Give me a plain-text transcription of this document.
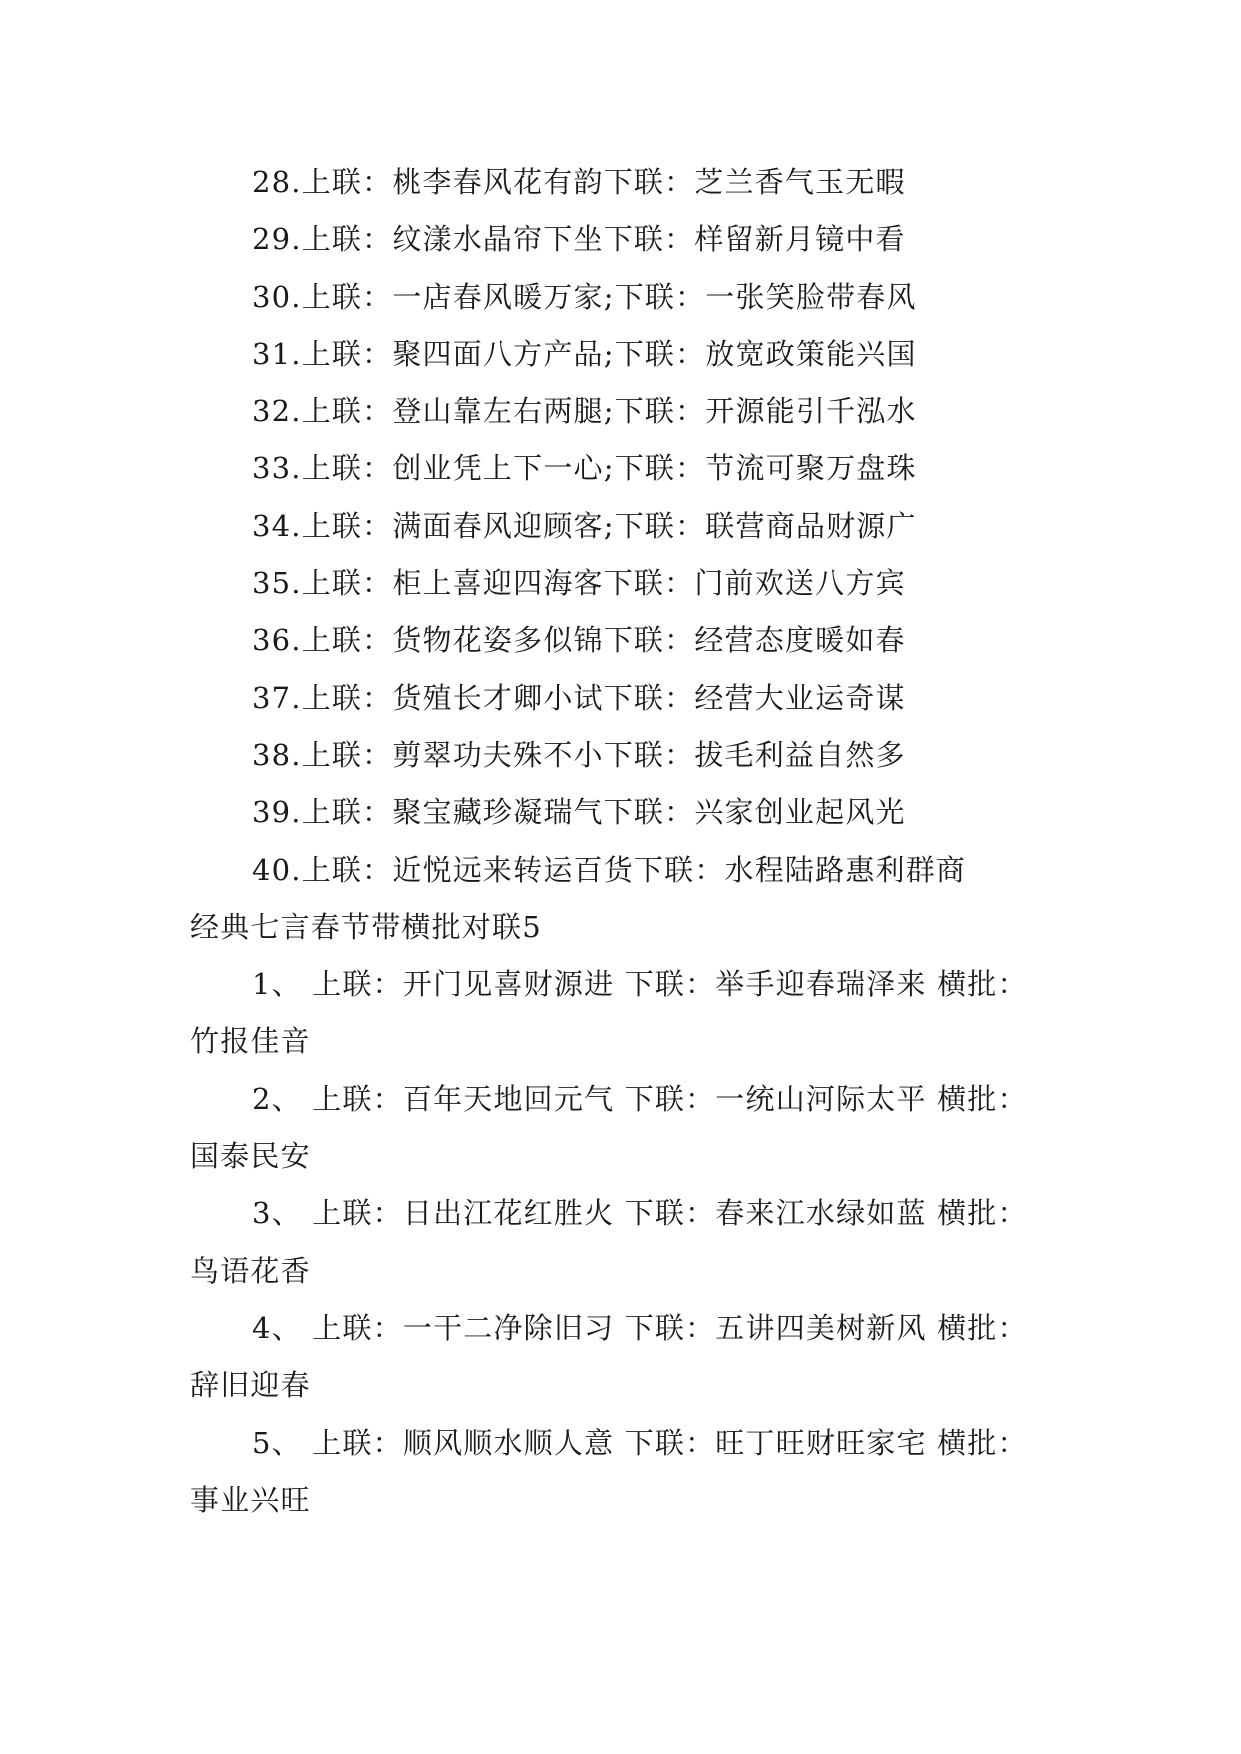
28.上联：桃李春风花有韵下联：芝兰香气玉无暇
29.上联：纹漾水晶帘下坐下联：样留新月镜中看
30.上联：一店春风暖万家;下联：一张笑脸带春风
31.上联：聚四面八方产品;下联：放宽政策能兴国
32.上联：登山靠左右两腿;下联：开源能引千泓水
33.上联：创业凭上下一心;下联：节流可聚万盘珠
34.上联：满面春风迎顾客;下联：联营商品财源广
35.上联：柜上喜迎四海客下联：门前欢送八方宾
36.上联：货物花姿多似锦下联：经营态度暖如春
37.上联：货殖长才卿小试下联：经营大业运奇谋
38.上联：剪翠功夫殊不小下联：拔毛利益自然多
39.上联：聚宝藏珍凝瑞气下联：兴家创业起风光
40.上联：近悦远来转运百货下联：水程陆路惠利群商
经典七言春节带横批对联5
1、 上联：开门见喜财源进 下联：举手迎春瑞泽来 横批：竹报佳音
2、 上联：百年天地回元气 下联：一统山河际太平 横批：国泰民安
3、 上联：日出江花红胜火 下联：春来江水绿如蓝 横批：鸟语花香
4、 上联：一干二净除旧习 下联：五讲四美树新风 横批：辞旧迎春
5、 上联：顺风顺水顺人意 下联：旺丁旺财旺家宅 横批：事业兴旺
